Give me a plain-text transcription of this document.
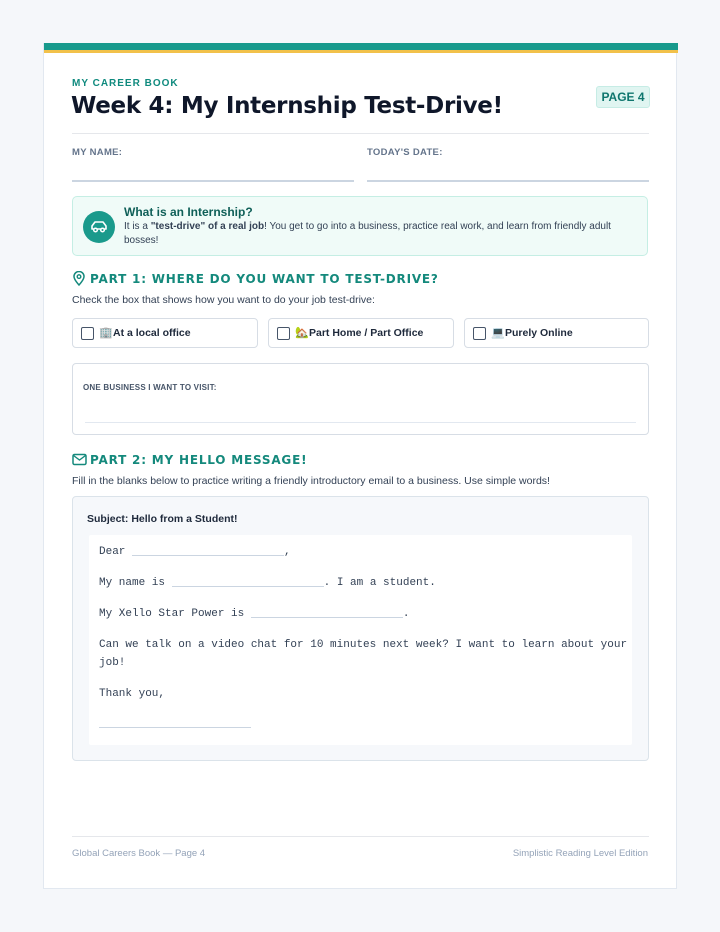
MY CAREER BOOK
Week 4: My Internship Test-Drive!	PAGE 4
MY NAME:	TODAY'S DATE:
What is an Internship?
It is a "test-drive" of a real job! You get to go into a business, practice real work, and learn from friendly adult bosses!
PART 1: WHERE DO YOU WANT TO TEST-DRIVE?
Check the box that shows how you want to do your job test-drive:
🏢 At a local office	🏡 Part Home / Part Office	💻 Purely Online
ONE BUSINESS I WANT TO VISIT:
PART 2: MY HELLO MESSAGE!
Fill in the blanks below to practice writing a friendly introductory email to a business. Use simple words!
Subject: Hello from a Student!
Dear	,
My name is	. I am a student.
My Xello Star Power is	.
Can we talk on a video chat for 10 minutes next week? I want to learn about your
job!
Thank you,
Global Careers Book — Page 4	Simplistic Reading Level Edition
